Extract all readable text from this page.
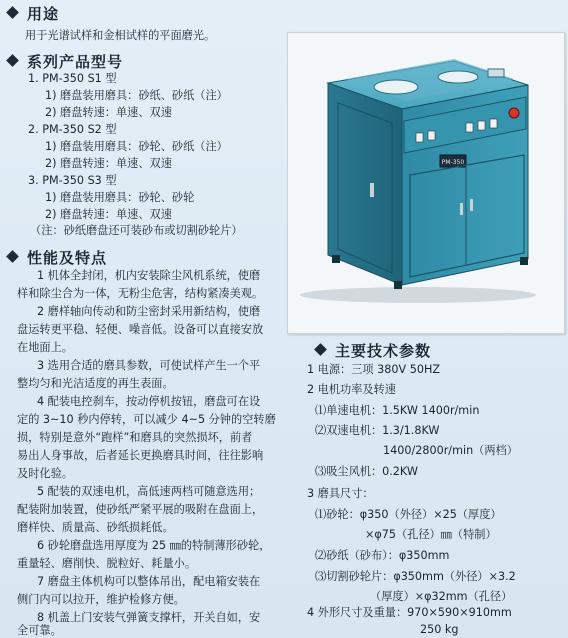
用途
用于光谱试样和金相试样的平面磨光。
系列产品型号
1. PM-350 S1 型
1) 磨盘装用磨具：砂纸、砂纸（注）
2) 磨盘转速：单速、双速
2. PM-350 S2 型
1) 磨盘装用磨具：砂轮、砂纸（注）
2) 磨盘转速：单速、双速
3. PM-350 S3 型
1) 磨盘装用磨具：砂轮、砂轮
2) 磨盘转速：单速、双速
（注：砂纸磨盘还可装砂布或切割砂轮片）
性能及特点
1 机体全封闭，机内安装除尘风机系统，使磨
样和除尘合为一体，无粉尘危害，结构紧凑美观。
2 磨样轴向传动和防尘密封采用新结构，使磨
盘运转更平稳、轻便、噪音低。设备可以直接安放
在地面上。
3 选用合适的磨具参数，可使试样产生一个平
整均匀和光洁适度的再生表面。
4 配装电控刹车，按动停机按钮，磨盘可在设
定的 3~10 秒内停转，可以减少 4~5 分钟的空转磨
损，特别是意外“跑样”和磨具的突然损坏，前者
易出人身事故，后者延长更换磨具时间，往往影响
及时化验。
5 配装的双速电机，高低速两档可随意选用；
配装附加装置，使砂纸严紧平展的吸附在盘面上，
磨样快、质量高、砂纸损耗低。
6 砂轮磨盘选用厚度为 25 ㎜的特制薄形砂轮，
重量轻、磨削快、脱粒好、耗量小。
7 磨盘主体机构可以整体吊出，配电箱安装在
侧门内可以拉开，维护检修方便。
8 机盖上门安装气弹簧支撑杆，开关自如，安
全可靠。
PM-350
主要技术参数
1 电源：三项 380V 50HZ
2 电机功率及转速
⑴单速电机：1.5KW 1400r/min
⑵双速电机：1.3/1.8KW
1400/2800r/min（两档）
⑶吸尘风机：0.2KW
3 磨具尺寸：
⑴砂轮：φ350（外径）×25（厚度）
×φ75（孔径）㎜（特制）
⑵砂纸（砂布）：φ350mm
⑶切割砂轮片：φ350mm（外径）×3.2
（厚度）×φ32mm（孔径）
4 外形尺寸及重量：970×590×910mm
250 kg
